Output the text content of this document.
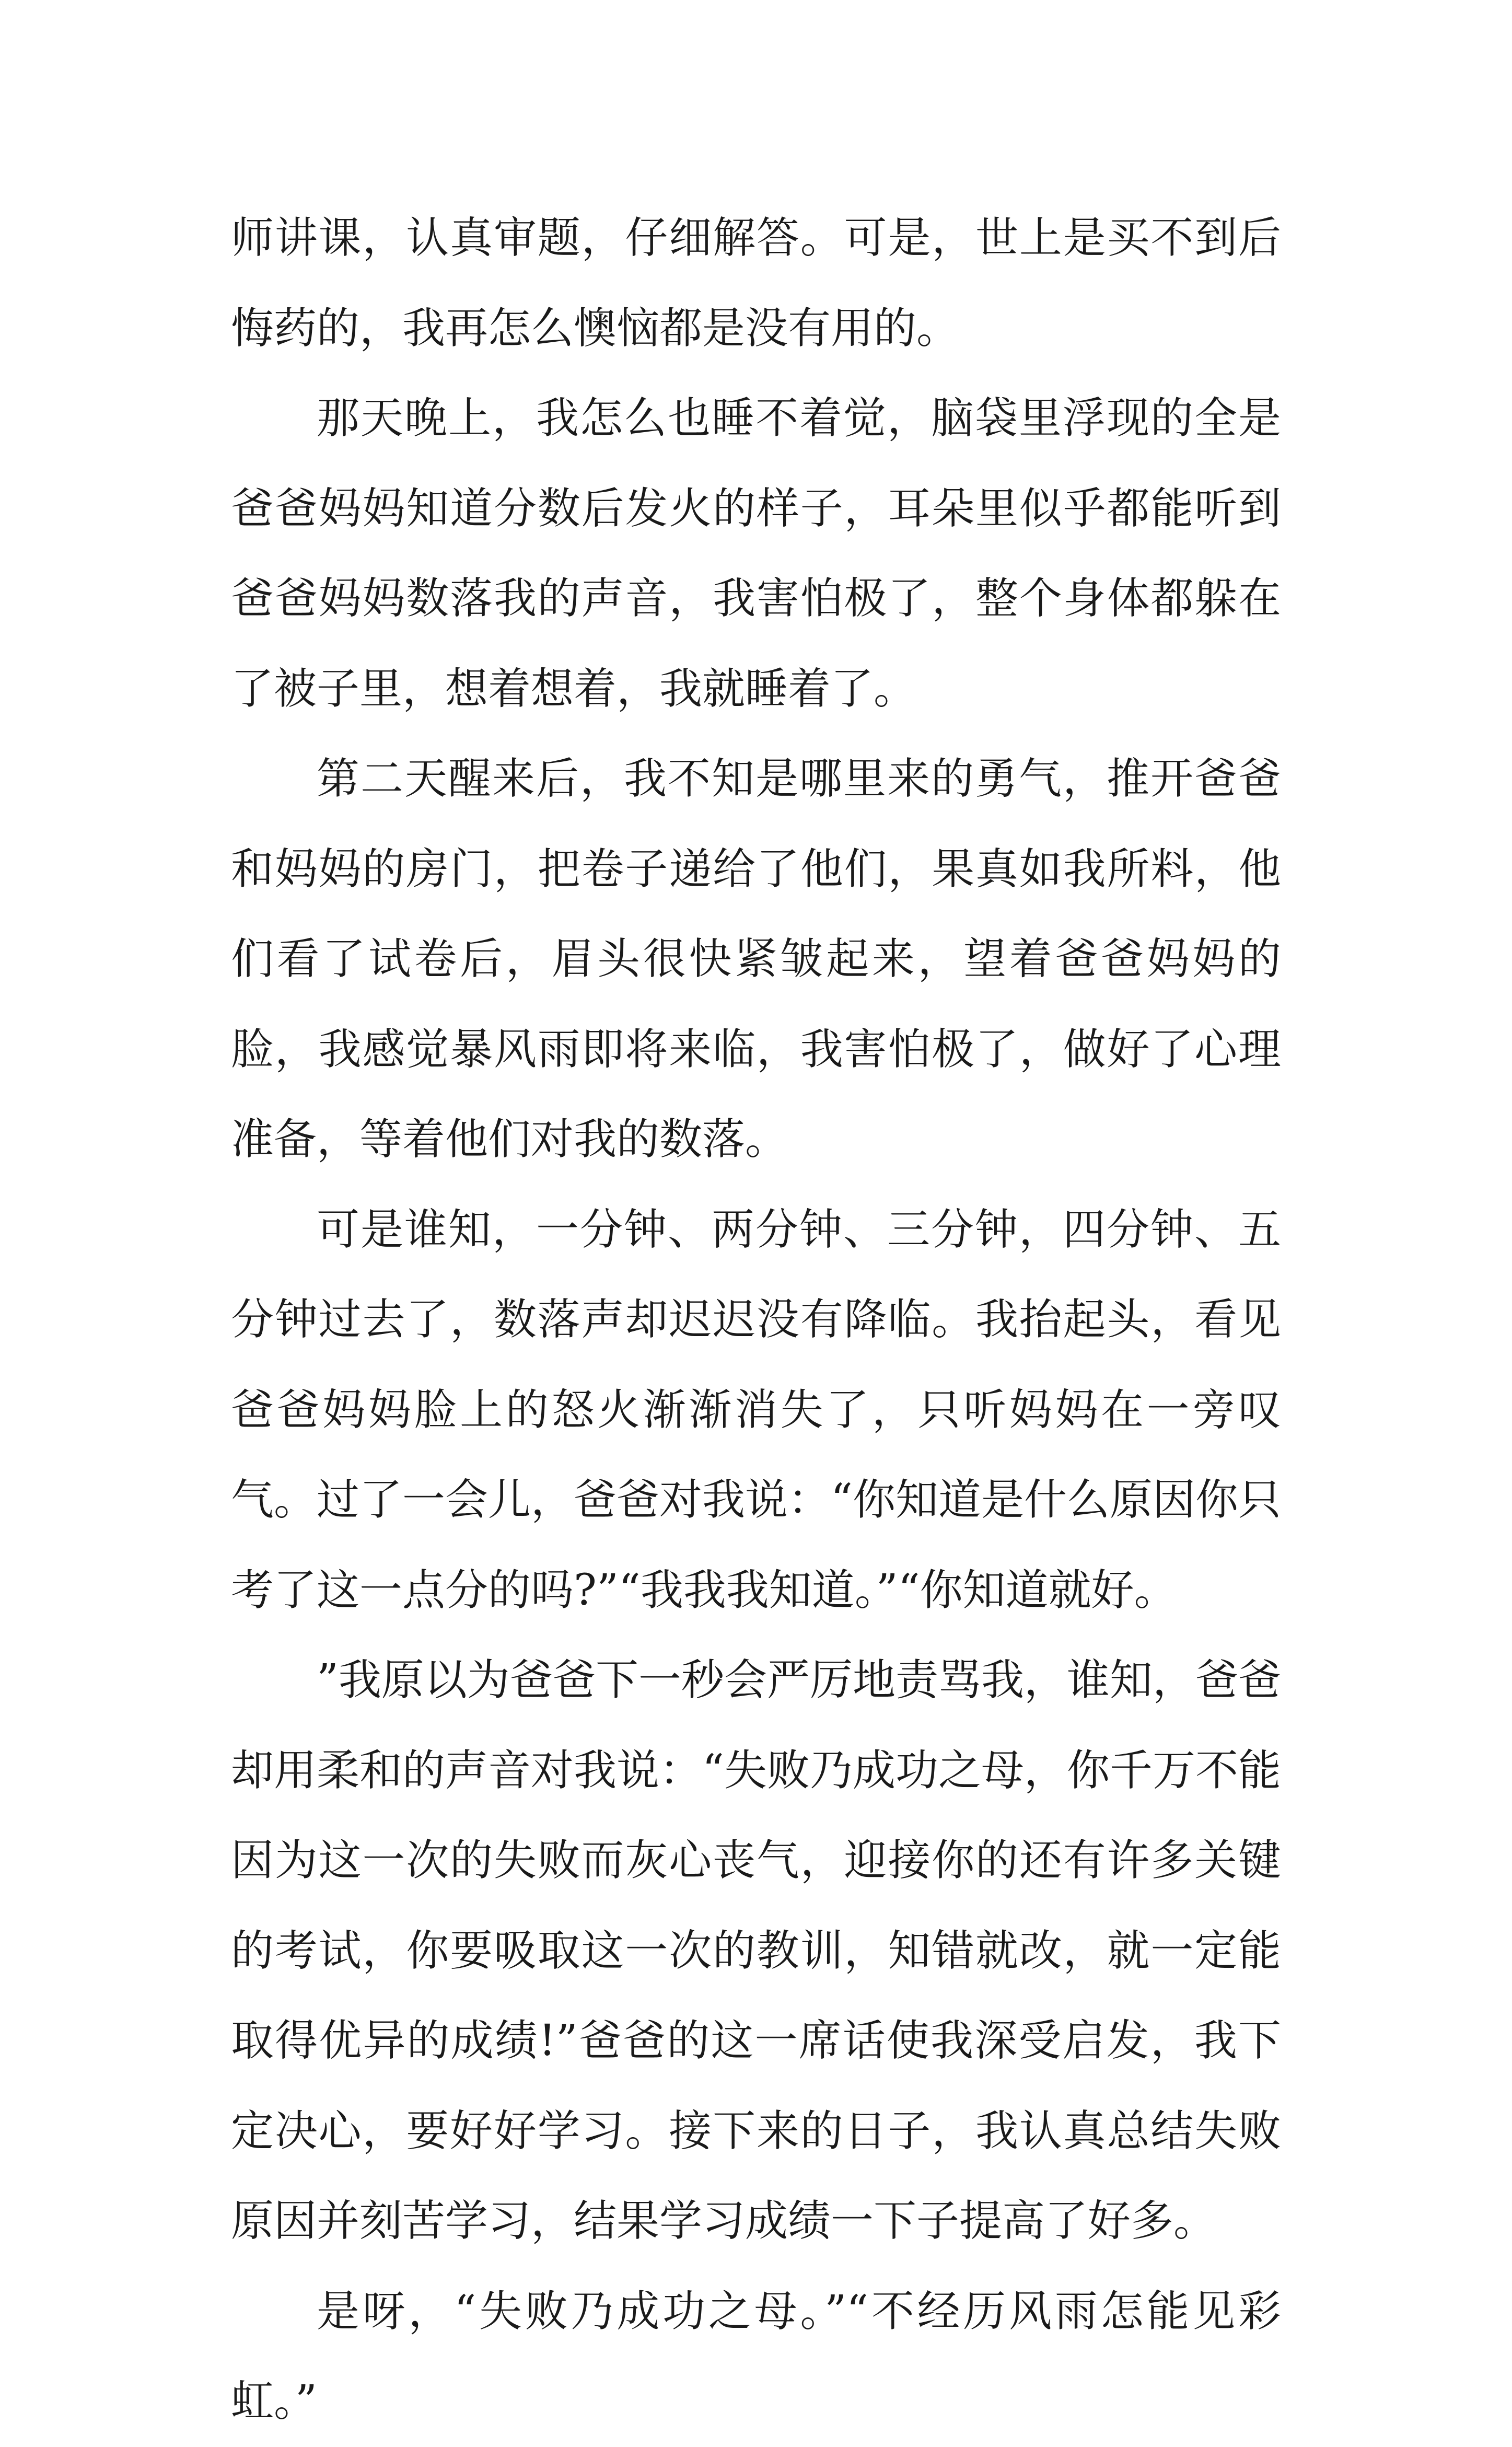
师讲课，认真审题，仔细解答。可是，世上是买不到后悔药的，我再怎么懊恼都是没有用的。

那天晚上，我怎么也睡不着觉，脑袋里浮现的全是爸爸妈妈知道分数后发火的样子，耳朵里似乎都能听到爸爸妈妈数落我的声音，我害怕极了，整个身体都躲在了被子里，想着想着，我就睡着了。

第二天醒来后，我不知是哪里来的勇气，推开爸爸和妈妈的房门，把卷子递给了他们，果真如我所料，他们看了试卷后，眉头很快紧皱起来，望着爸爸妈妈的脸，我感觉暴风雨即将来临，我害怕极了，做好了心理准备，等着他们对我的数落。

可是谁知，一分钟、两分钟、三分钟，四分钟、五分钟过去了，数落声却迟迟没有降临。我抬起头，看见爸爸妈妈脸上的怒火渐渐消失了，只听妈妈在一旁叹气。过了一会儿，爸爸对我说：“你知道是什么原因你只考了这一点分的吗?”“我我我知道。”“你知道就好。

”我原以为爸爸下一秒会严厉地责骂我，谁知，爸爸却用柔和的声音对我说：“失败乃成功之母，你千万不能因为这一次的失败而灰心丧气，迎接你的还有许多关键的考试，你要吸取这一次的教训，知错就改，就一定能取得优异的成绩!”爸爸的这一席话使我深受启发，我下定决心，要好好学习。接下来的日子，我认真总结失败原因并刻苦学习，结果学习成绩一下子提高了好多。

是呀，“失败乃成功之母。”“不经历风雨怎能见彩虹。”
